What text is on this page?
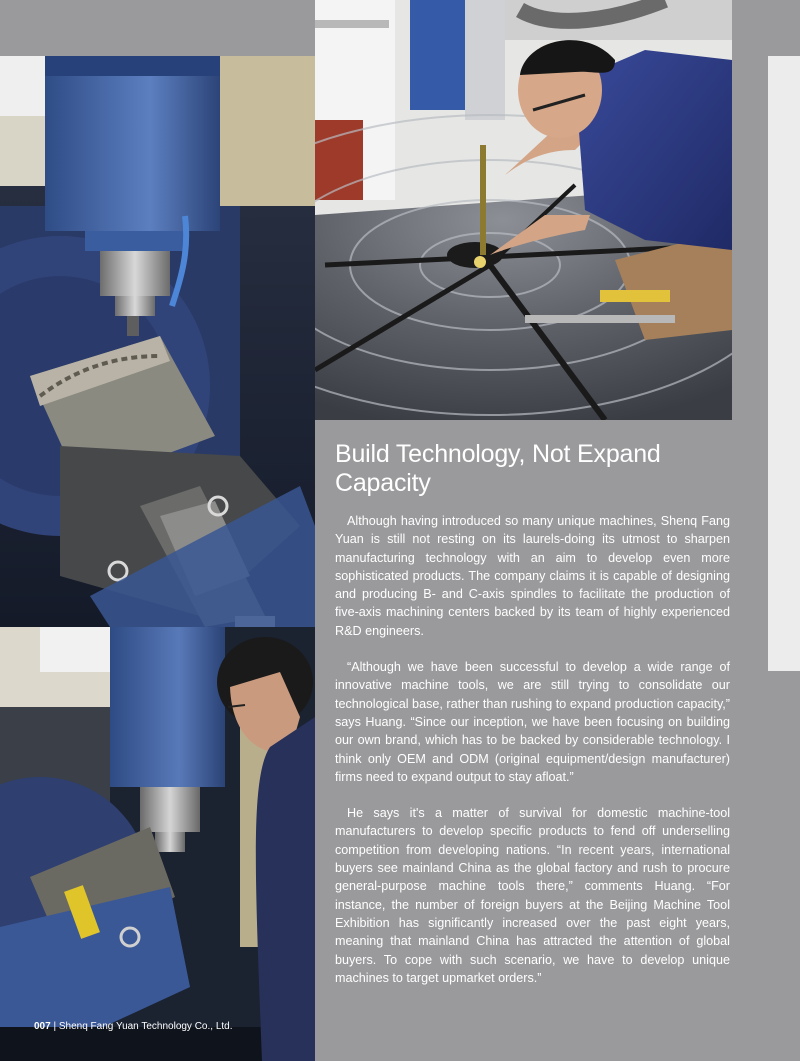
Build Technology, Not Expand Capacity

Although having introduced so many unique machines, Shenq Fang Yuan is still not resting on its laurels-doing its utmost to sharpen manufacturing technology with an aim to develop even more sophisticated products. The company claims it is capable of designing and producing B- and C-axis spindles to facilitate the production of five-axis machining centers backed by its team of highly experienced R&D engineers.

“Although we have been successful to develop a wide range of innovative machine tools, we are still trying to consolidate our technological base, rather than rushing to expand production capacity,” says Huang. “Since our inception, we have been focusing on building our own brand, which has to be backed by considerable technology. I think only OEM and ODM (original equipment/design manufacturer) firms need to expand output to stay afloat.”

He says it's a matter of survival for domestic machine-tool manufacturers to develop specific products to fend off underselling competition from developing nations. “In recent years, international buyers see mainland China as the global factory and rush to procure general-purpose machine tools there,” comments Huang. “For instance, the number of foreign buyers at the Beijing Machine Tool Exhibition has significantly increased over the past eight years, meaning that mainland China has attracted the attention of global buyers. To cope with such scenario, we have to develop unique machines to target upmarket orders.”

007 | Shenq Fang Yuan Technology Co., Ltd.
